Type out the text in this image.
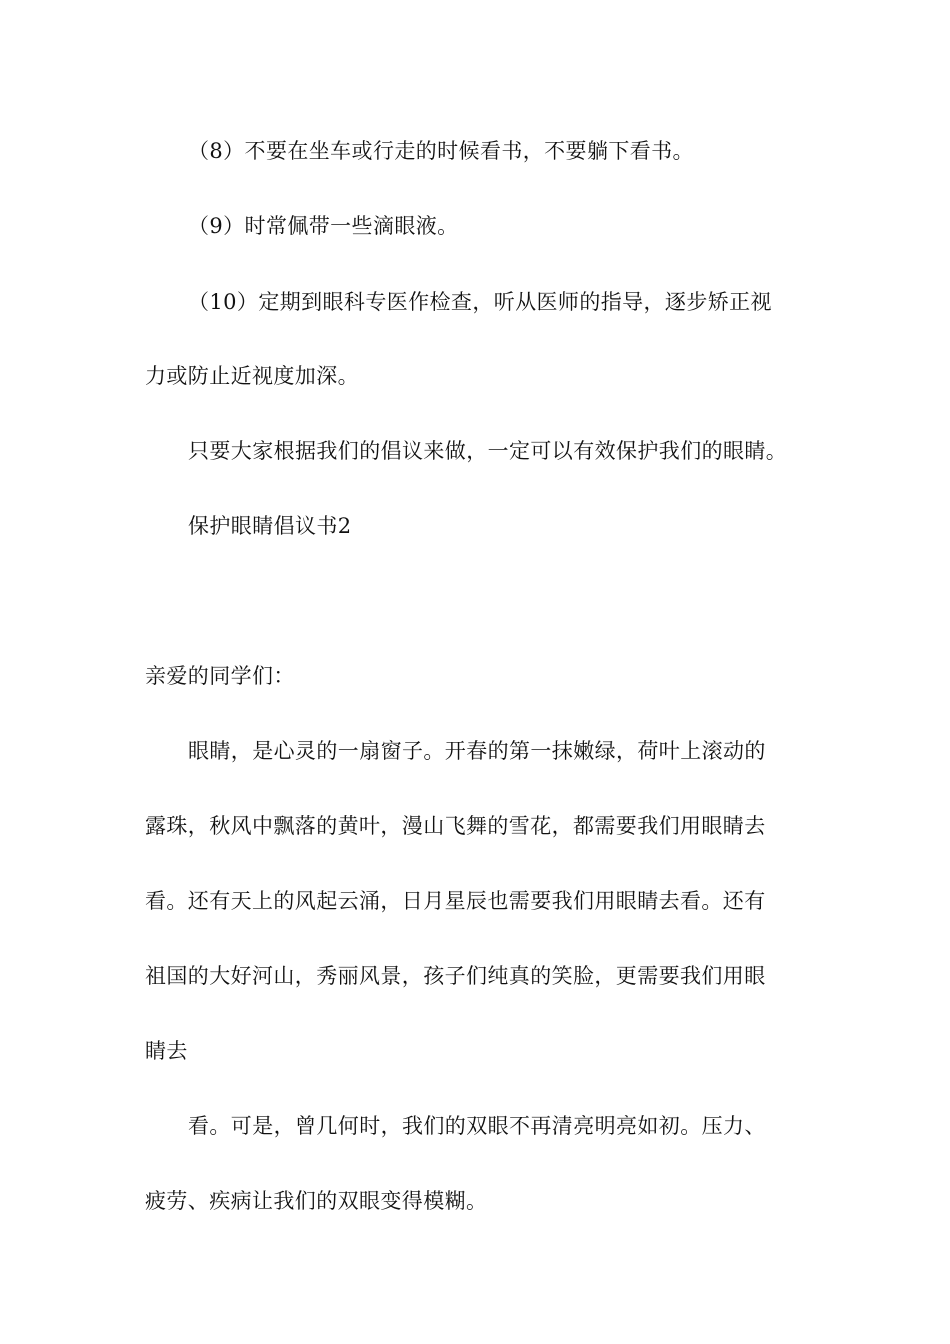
（8）不要在坐车或行走的时候看书，不要躺下看书。
（9）时常佩带一些滴眼液。
（10）定期到眼科专医作检查，听从医师的指导，逐步矫正视
力或防止近视度加深。
只要大家根据我们的倡议来做，一定可以有效保护我们的眼睛。
保护眼睛倡议书2
亲爱的同学们：
眼睛，是心灵的一扇窗子。开春的第一抹嫩绿，荷叶上滚动的
露珠，秋风中飘落的黄叶，漫山飞舞的雪花，都需要我们用眼睛去
看。还有天上的风起云涌，日月星辰也需要我们用眼睛去看。还有
祖国的大好河山，秀丽风景，孩子们纯真的笑脸，更需要我们用眼
睛去
看。可是，曾几何时，我们的双眼不再清亮明亮如初。压力、
疲劳、疾病让我们的双眼变得模糊。
